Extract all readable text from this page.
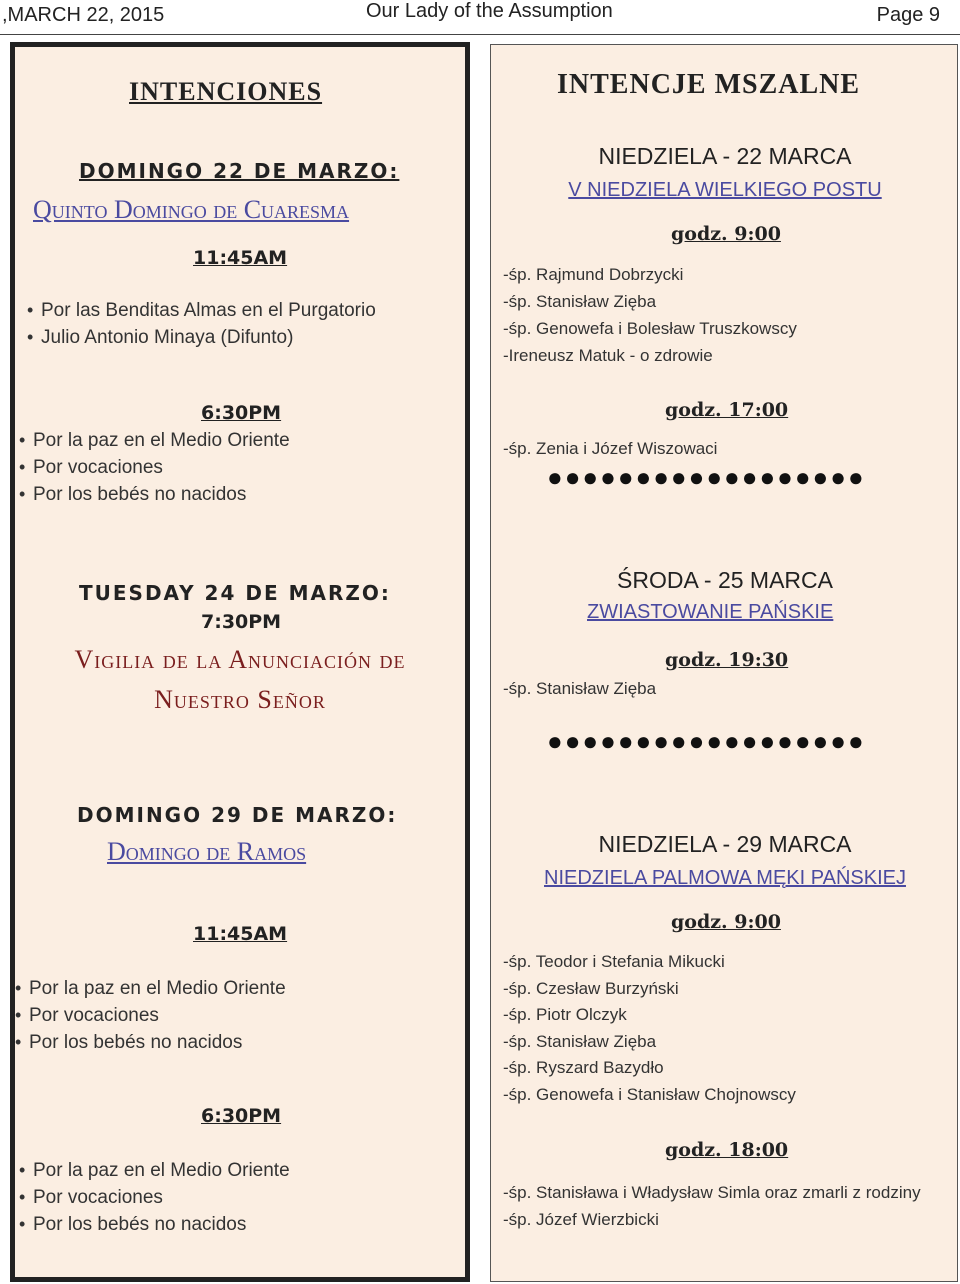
,MARCH 22, 2015	Our Lady of the Assumption	Page 9
INTENCIONES
DOMINGO 22 DE MARZO:
Quinto Domingo de Cuaresma
11:45AM
• Por las Benditas Almas en el Purgatorio
• Julio Antonio Minaya (Difunto)
6:30PM
• Por la paz en el Medio Oriente
• Por vocaciones
• Por los bebés no nacidos
TUESDAY 24 DE MARZO:
7:30PM
Vigilia de la Anunciación de
Nuestro Señor
DOMINGO 29 DE MARZO:
Domingo de Ramos
11:45AM
• Por la paz en el Medio Oriente
• Por vocaciones
• Por los bebés no nacidos
6:30PM
• Por la paz en el Medio Oriente
• Por vocaciones
• Por los bebés no nacidos
INTENCJE MSZALNE
NIEDZIELA - 22 MARCA
V NIEDZIELA WIELKIEGO POSTU
godz. 9:00
-śp. Rajmund Dobrzycki
-śp. Stanisław Zięba
-śp. Genowefa i Bolesław Truszkowscy
-Ireneusz Matuk - o zdrowie
godz. 17:00
-śp. Zenia i Józef Wiszowaci
●●●●●●●●●●●●●●●●●●
ŚRODA - 25 MARCA
ZWIASTOWANIE PAŃSKIE
godz. 19:30
-śp. Stanisław Zięba
●●●●●●●●●●●●●●●●●●
NIEDZIELA - 29 MARCA
NIEDZIELA PALMOWA MĘKI PAŃSKIEJ
godz. 9:00
-śp. Teodor i Stefania Mikucki
-śp. Czesław Burzyński
-śp. Piotr Olczyk
-śp. Stanisław Zięba
-śp. Ryszard Bazydło
-śp. Genowefa i Stanisław Chojnowscy
godz. 18:00
-śp. Stanisława i Władysław Simla oraz zmarli z rodziny
-śp. Józef Wierzbicki
